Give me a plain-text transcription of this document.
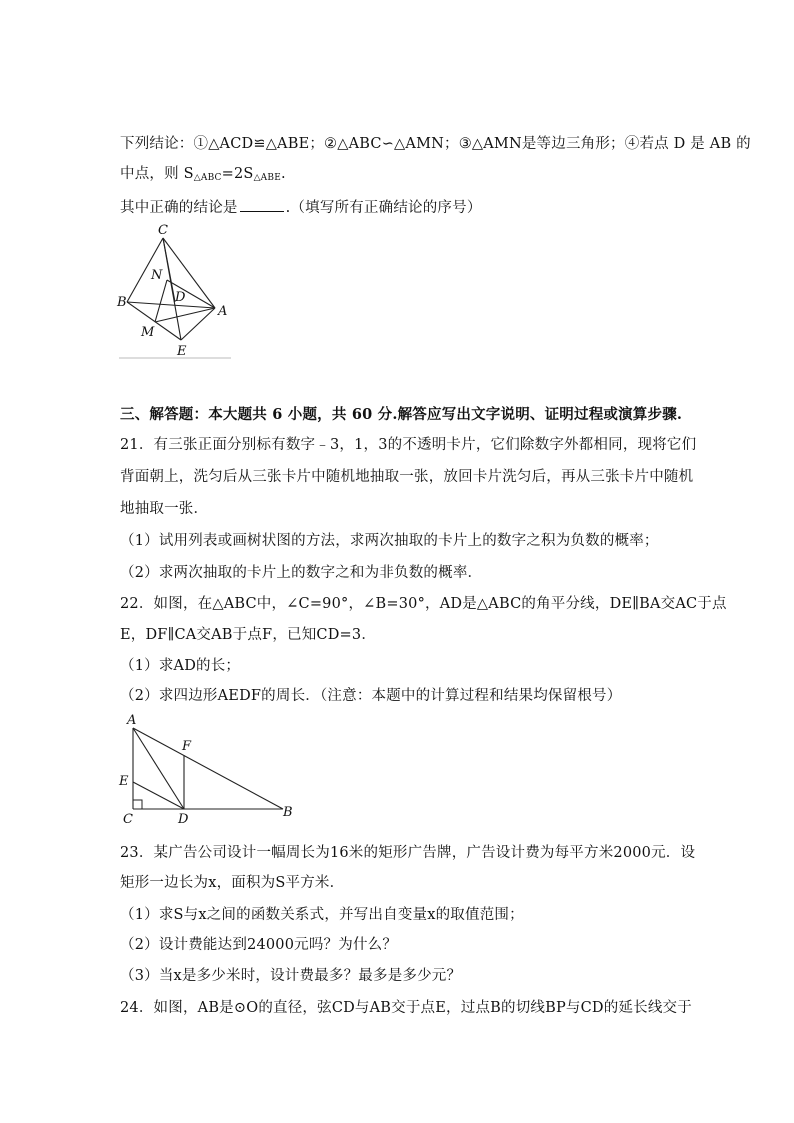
下列结论：①△ACD≌△ABE；②△ABC∽△AMN；③△AMN是等边三角形；④若点 D 是 AB 的
中点，则 $S_{\triangle ABC}=2S_{\triangle ABE}$.
其中正确的结论是	.（填写所有正确结论的序号）
C
N
D
B
A
M
E
三、解答题：本大题共 6 小题，共 60 分.解答应写出文字说明、证明过程或演算步骤.
21．有三张正面分别标有数字﹣3，1，3的不透明卡片，它们除数字外都相同，现将它们
背面朝上，洗匀后从三张卡片中随机地抽取一张，放回卡片洗匀后，再从三张卡片中随机
地抽取一张．
（1）试用列表或画树状图的方法，求两次抽取的卡片上的数字之积为负数的概率；
（2）求两次抽取的卡片上的数字之和为非负数的概率．
22．如图，在△ABC中，∠C=90°，∠B=30°，AD是△ABC的角平分线，DE∥BA交AC于点
E，DF∥CA交AB于点F，已知CD=3．
（1）求AD的长；
（2）求四边形AEDF的周长．（注意：本题中的计算过程和结果均保留根号）
A
F
E
C	D	B
23．某广告公司设计一幅周长为16米的矩形广告牌，广告设计费为每平方米2000元．设
矩形一边长为x，面积为S平方米．
（1）求S与x之间的函数关系式，并写出自变量x的取值范围；
（2）设计费能达到24000元吗？为什么？
（3）当x是多少米时，设计费最多？最多是多少元？
24．如图，AB是⊙O的直径，弦CD与AB交于点E，过点B的切线BP与CD的延长线交于
